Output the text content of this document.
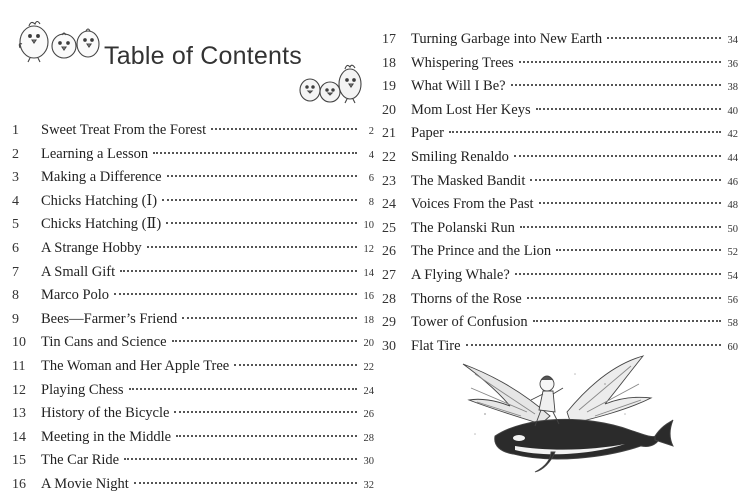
Table of Contents
1	Sweet Treat From the Forest	2
2	Learning a Lesson	4
3	Making a Difference	6
4	Chicks Hatching (Ⅰ)	8
5	Chicks Hatching (Ⅱ)	10
6	A Strange Hobby	12
7	A Small Gift	14
8	Marco Polo	16
9	Bees—Farmer’s Friend	18
10	Tin Cans and Science	20
11	The Woman and Her Apple Tree	22
12	Playing Chess	24
13	History of the Bicycle	26
14	Meeting in the Middle	28
15	The Car Ride	30
16	A Movie Night	32
17	Turning Garbage into New Earth	34
18	Whispering Trees	36
19	What Will I Be?	38
20	Mom Lost Her Keys	40
21	Paper	42
22	Smiling Renaldo	44
23	The Masked Bandit	46
24	Voices From the Past	48
25	The Polanski Run	50
26	The Prince and the Lion	52
27	A Flying Whale?	54
28	Thorns of the Rose	56
29	Tower of Confusion	58
30	Flat Tire	60
